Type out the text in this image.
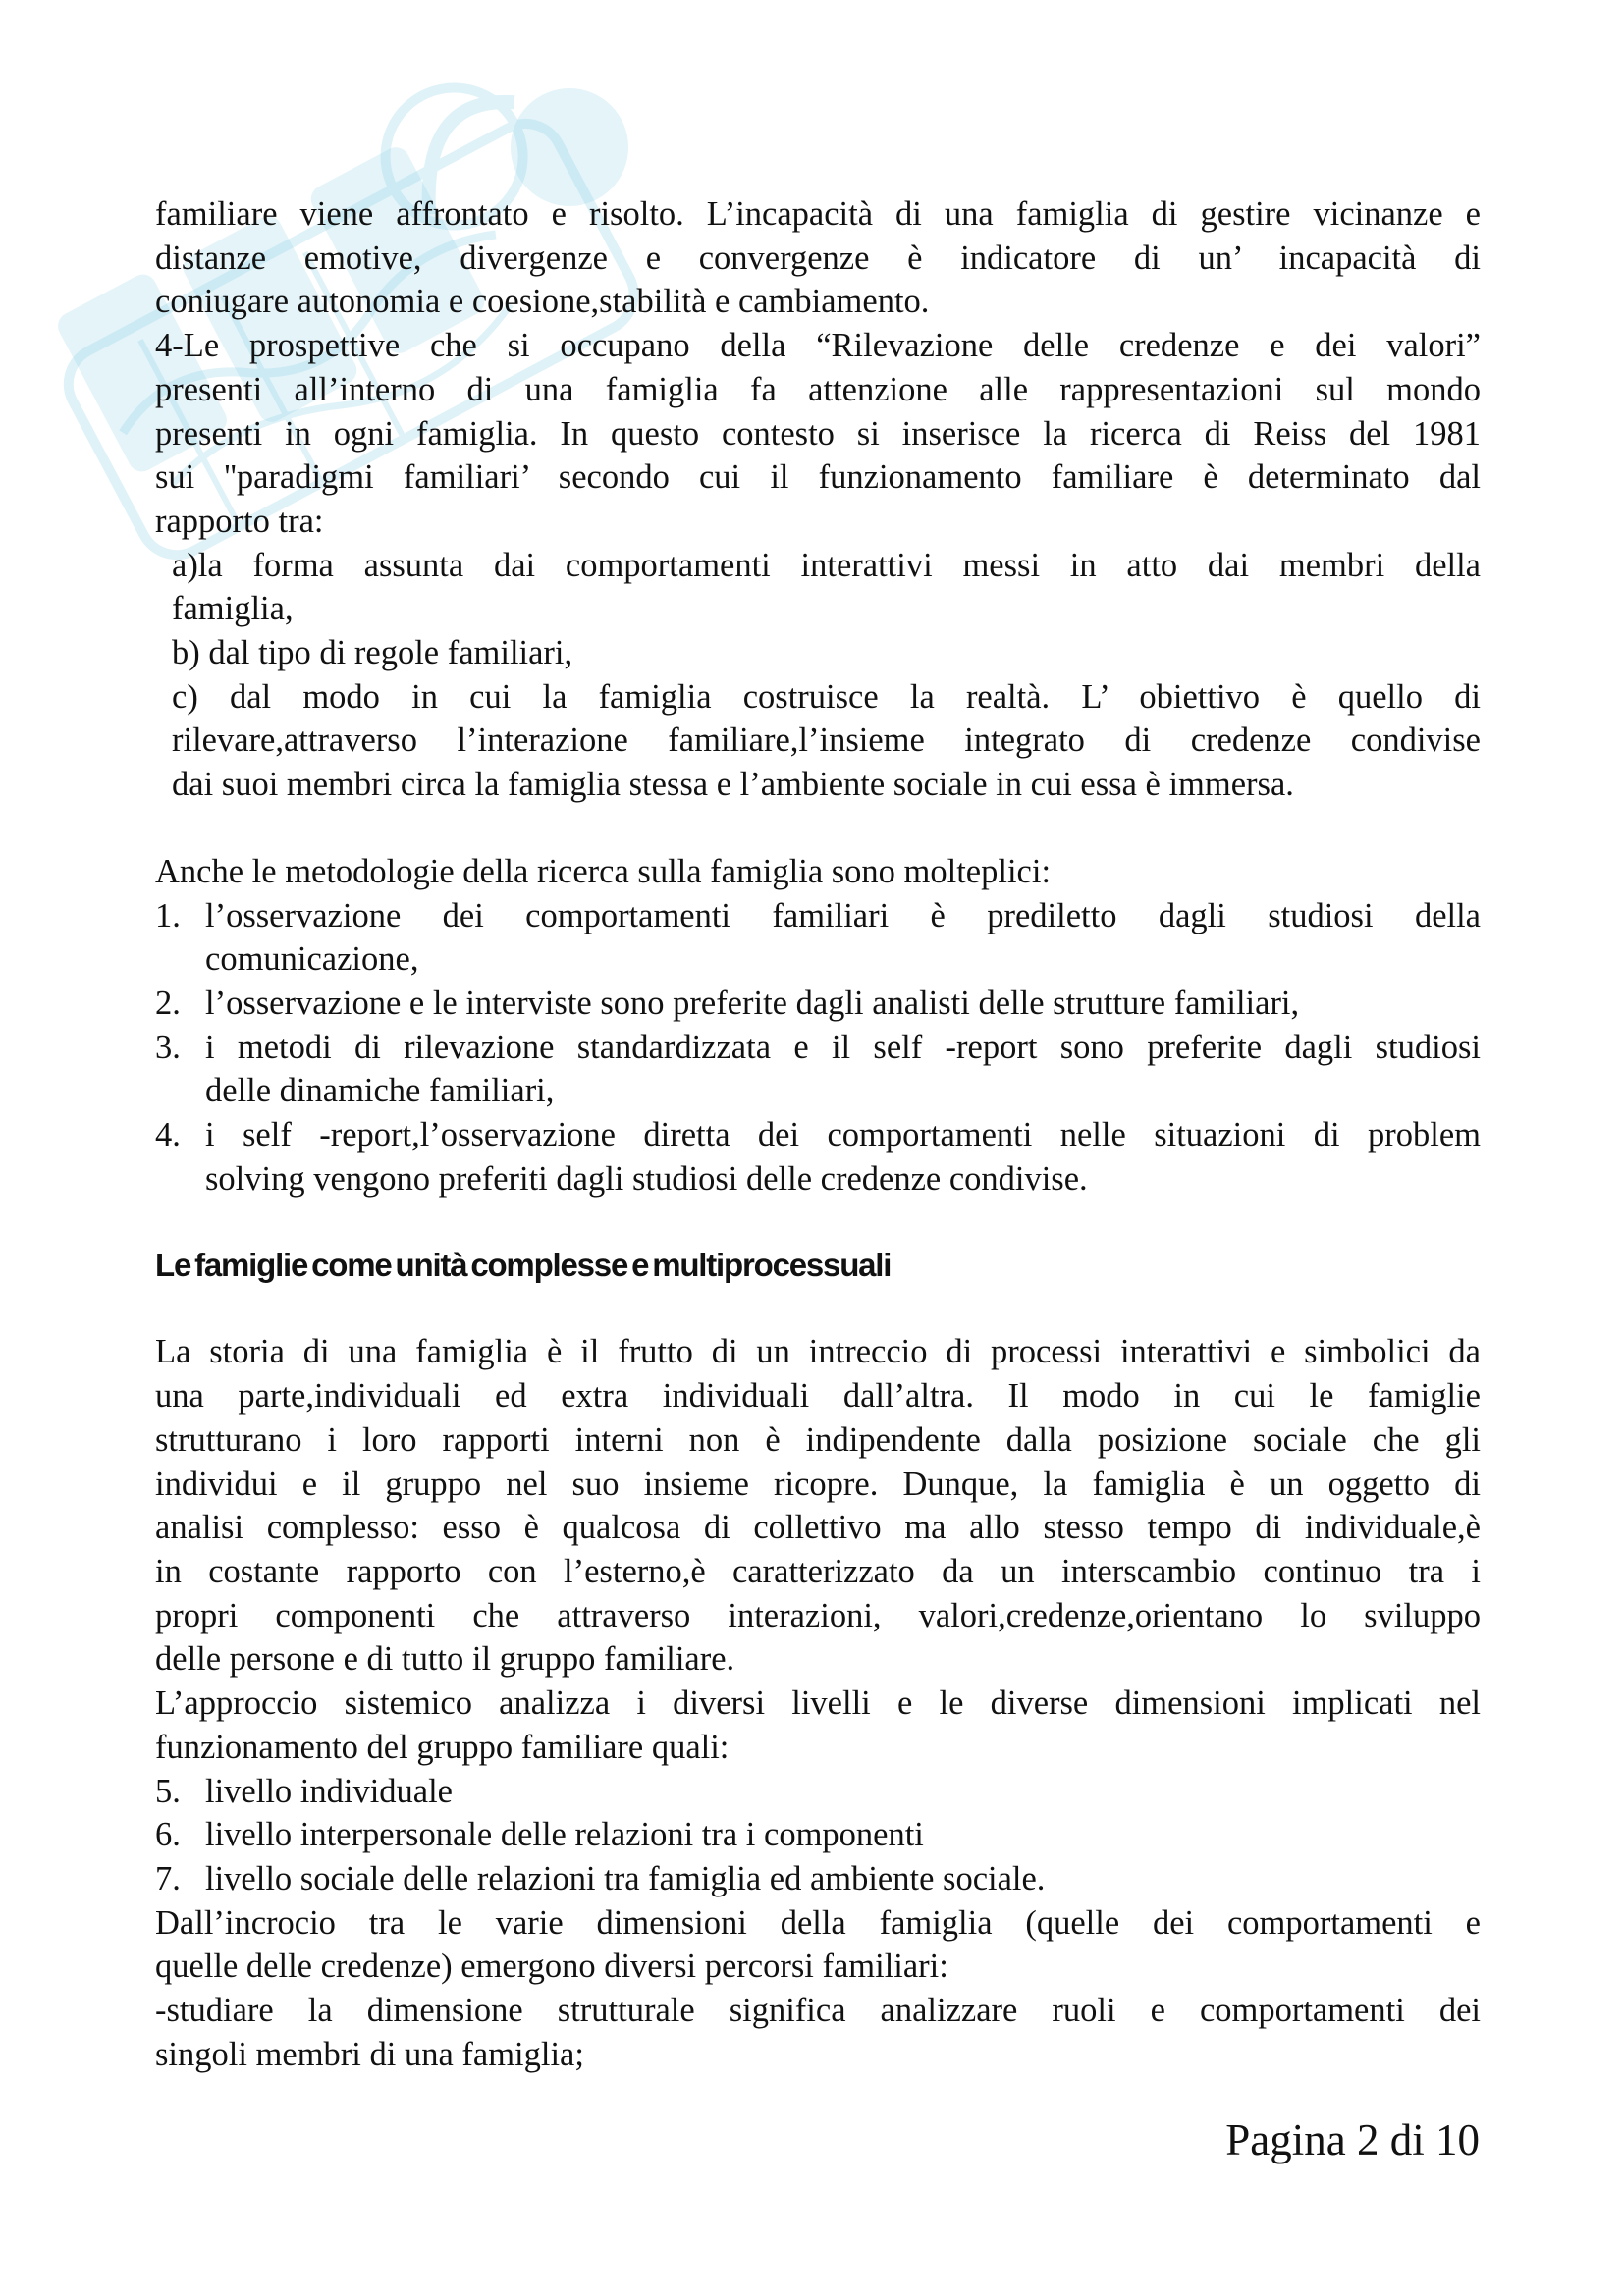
familiare viene affrontato e risolto. L’incapacità di una famiglia di gestire vicinanze e
distanze emotive, divergenze e convergenze è indicatore di un’ incapacità di
coniugare autonomia e coesione,stabilità e cambiamento.
4-Le prospettive che si occupano della “Rilevazione delle credenze e dei valori”
presenti all’interno di una famiglia fa attenzione alle rappresentazioni sul mondo
presenti in ogni famiglia. In questo contesto si inserisce la ricerca di Reiss del 1981
sui ''paradigmi familiari’ secondo cui il funzionamento familiare è determinato dal
rapporto tra:
a)la forma assunta dai comportamenti interattivi messi in atto dai membri della
famiglia,
b) dal tipo di regole familiari,
c) dal modo in cui la famiglia costruisce la realtà. L’ obiettivo è quello di
rilevare,attraverso l’interazione familiare,l’insieme integrato di credenze condivise
dai suoi membri circa la famiglia stessa e l’ambiente sociale in cui essa è immersa.
Anche le metodologie della ricerca sulla famiglia sono molteplici:
1. l’osservazione dei comportamenti familiari è prediletto dagli studiosi della
comunicazione,
2. l’osservazione e le interviste sono preferite dagli analisti delle strutture familiari,
3. i metodi di rilevazione standardizzata e il self -report sono preferite dagli studiosi
delle dinamiche familiari,
4. i self -report,l’osservazione diretta dei comportamenti nelle situazioni di problem
solving vengono preferiti dagli studiosi delle credenze condivise.
Le famiglie come unità complesse e multiprocessuali
La storia di una famiglia è il frutto di un intreccio di processi interattivi e simbolici da
una parte,individuali ed extra individuali dall’altra. Il modo in cui le famiglie
strutturano i loro rapporti interni non è indipendente dalla posizione sociale che gli
individui e il gruppo nel suo insieme ricopre. Dunque, la famiglia è un oggetto di
analisi complesso: esso è qualcosa di collettivo ma allo stesso tempo di individuale,è
in costante rapporto con l’esterno,è caratterizzato da un interscambio continuo tra i
propri componenti che attraverso interazioni, valori,credenze,orientano lo sviluppo
delle persone e di tutto il gruppo familiare.
L’approccio sistemico analizza i diversi livelli e le diverse dimensioni implicati nel
funzionamento del gruppo familiare quali:
5. livello individuale
6. livello interpersonale delle relazioni tra i componenti
7. livello sociale delle relazioni tra famiglia ed ambiente sociale.
Dall’incrocio tra le varie dimensioni della famiglia (quelle dei comportamenti e
quelle delle credenze) emergono diversi percorsi familiari:
-studiare la dimensione strutturale significa analizzare ruoli e comportamenti dei
singoli membri di una famiglia;
Pagina 2 di 10
